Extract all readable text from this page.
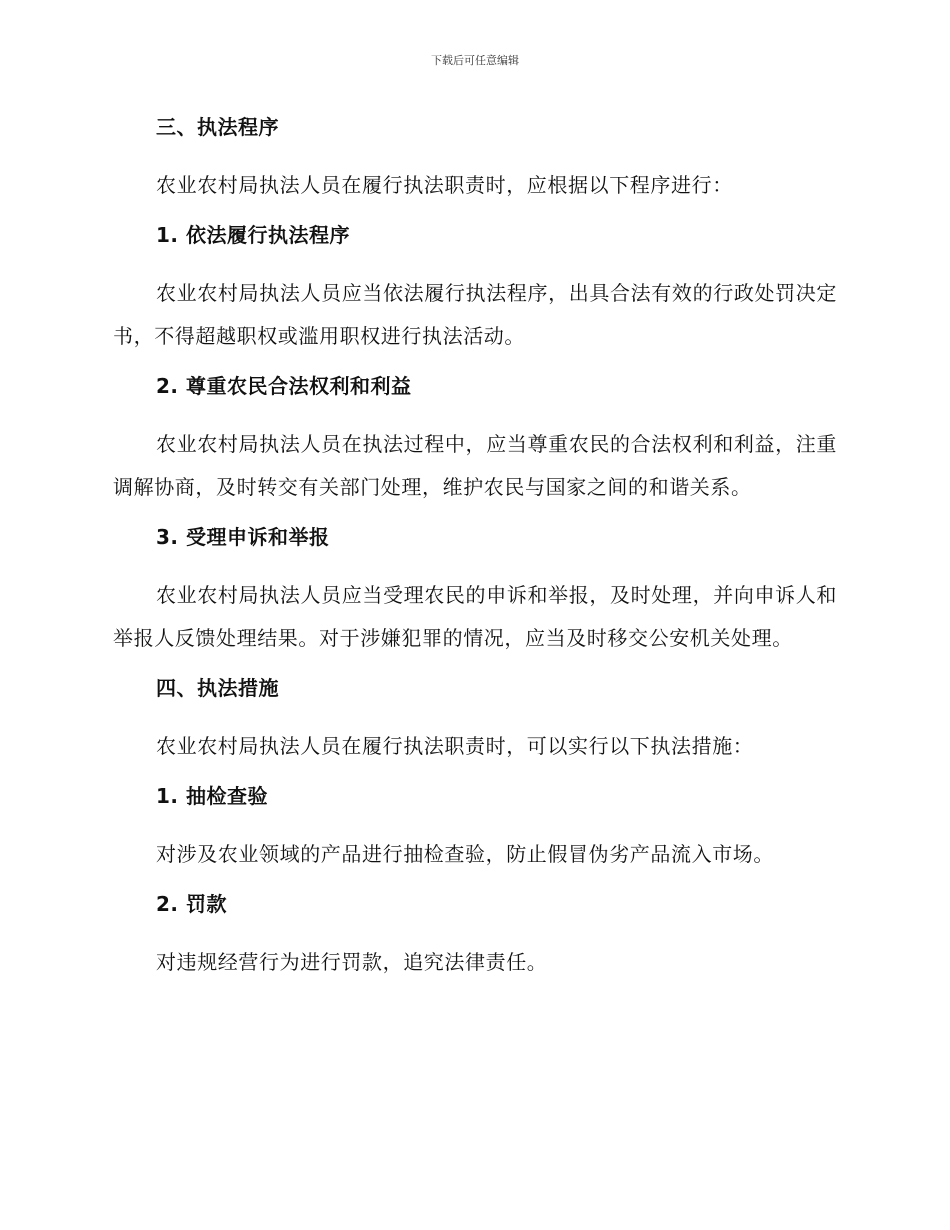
下载后可任意编辑
三、执法程序

农业农村局执法人员在履行执法职责时，应根据以下程序进行：

1. 依法履行执法程序

农业农村局执法人员应当依法履行执法程序，出具合法有效的行政处罚决定书，不得超越职权或滥用职权进行执法活动。

2. 尊重农民合法权利和利益

农业农村局执法人员在执法过程中，应当尊重农民的合法权利和利益，注重调解协商，及时转交有关部门处理，维护农民与国家之间的和谐关系。

3. 受理申诉和举报

农业农村局执法人员应当受理农民的申诉和举报，及时处理，并向申诉人和举报人反馈处理结果。对于涉嫌犯罪的情况，应当及时移交公安机关处理。

四、执法措施

农业农村局执法人员在履行执法职责时，可以实行以下执法措施：

1. 抽检查验

对涉及农业领域的产品进行抽检查验，防止假冒伪劣产品流入市场。

2. 罚款

对违规经营行为进行罚款，追究法律责任。
